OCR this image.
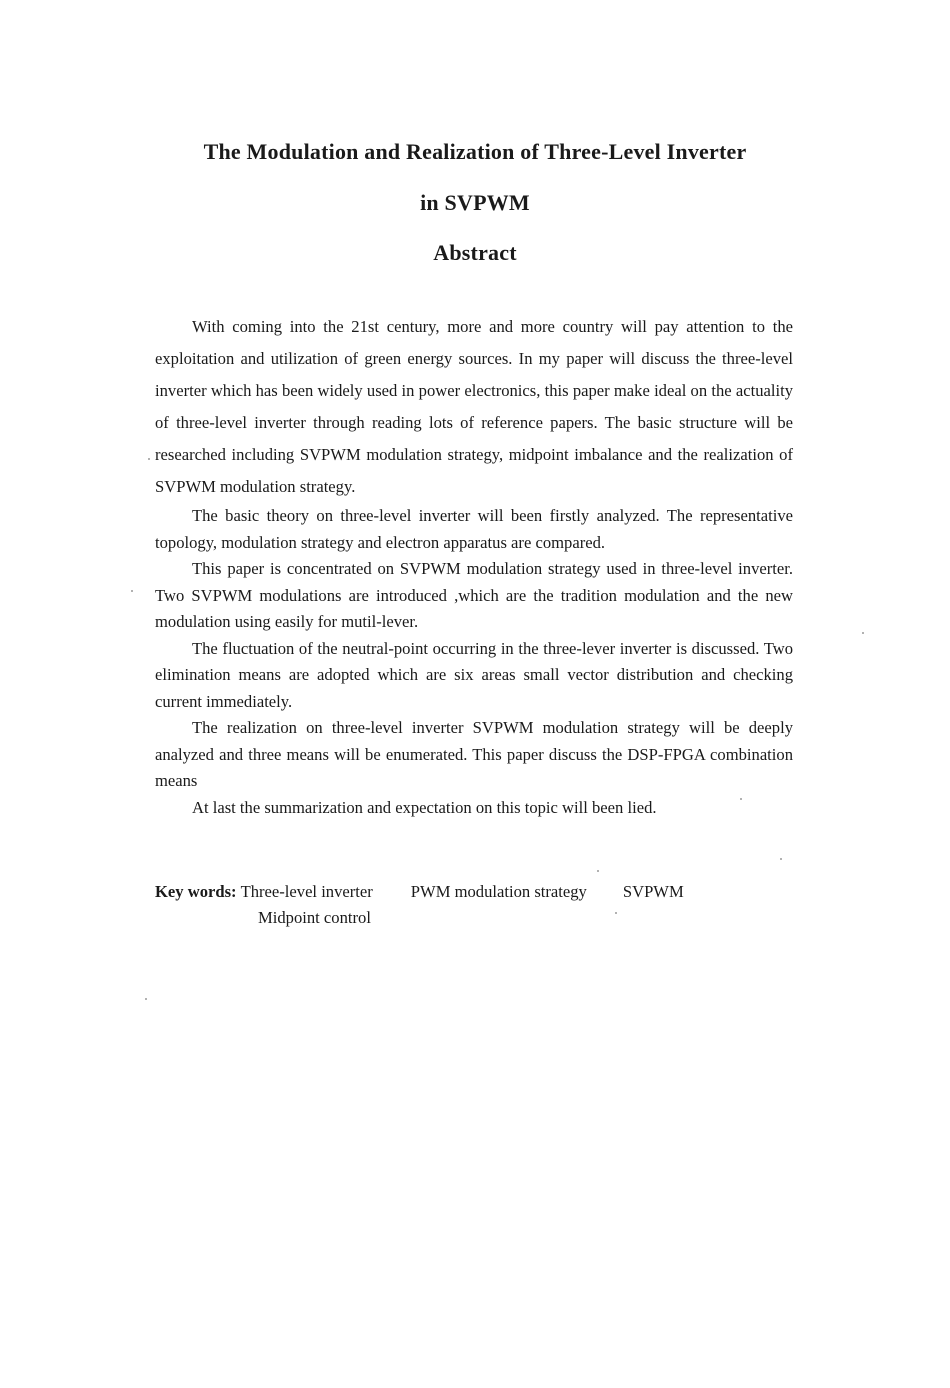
The Modulation and Realization of Three-Level Inverter
in SVPWM
Abstract

With coming into the 21st century, more and more country will pay attention to the exploitation and utilization of green energy sources. In my paper will discuss the three-level inverter which has been widely used in power electronics, this paper make ideal on the actuality of three-level inverter through reading lots of reference papers. The basic structure will be researched including SVPWM modulation strategy, midpoint imbalance and the realization of SVPWM modulation strategy.

The basic theory on three-level inverter will been firstly analyzed. The representative topology, modulation strategy and electron apparatus are compared.

This paper is concentrated on SVPWM modulation strategy used in three-level inverter. Two SVPWM modulations are introduced ,which are the tradition modulation and the new modulation using easily for mutil-lever.

The fluctuation of the neutral-point occurring in the three-lever inverter is discussed. Two elimination means are adopted which are six areas small vector distribution and checking current immediately.

The realization on three-level inverter SVPWM modulation strategy will be deeply analyzed and three means will be enumerated. This paper discuss the DSP-FPGA combination means

At last the summarization and expectation on this topic will been lied.

Key words: Three-level inverter PWM modulation strategy SVPWM
Midpoint control
